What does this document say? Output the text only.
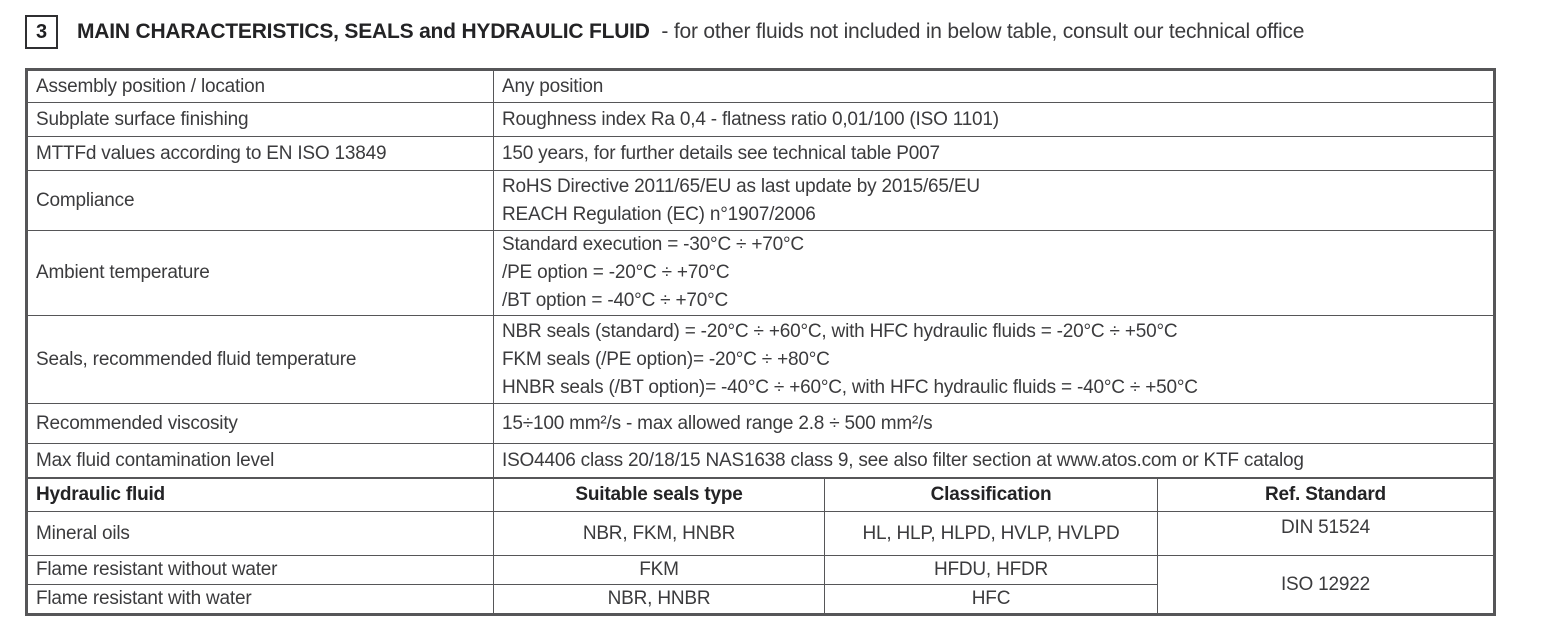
3 MAIN CHARACTERISTICS, SEALS and HYDRAULIC FLUID - for other fluids not included in below table, consult our technical office
Assembly position / location	Any position

Subplate surface finishing	Roughness index Ra 0,4 - flatness ratio 0,01/100 (ISO 1101)

MTTFd values according to EN ISO 13849	150 years, for further details see technical table P007

Compliance	RoHS Directive 2011/65/EU as last update by 2015/65/EU
REACH Regulation (EC) n°1907/2006

Ambient temperature	Standard execution = -30°C ÷ +70°C
/PE option = -20°C ÷ +70°C
/BT option = -40°C ÷ +70°C

Seals, recommended fluid temperature	NBR seals (standard) = -20°C ÷ +60°C, with HFC hydraulic fluids = -20°C ÷ +50°C
FKM seals (/PE option)= -20°C ÷ +80°C
HNBR seals (/BT option)= -40°C ÷ +60°C, with HFC hydraulic fluids = -40°C ÷ +50°C

Recommended viscosity	15÷100 mm²/s - max allowed range 2.8 ÷ 500 mm²/s

Max fluid contamination level	ISO4406 class 20/18/15 NAS1638 class 9, see also filter section at www.atos.com or KTF catalog
Hydraulic fluid	Suitable seals type	Classification	Ref. Standard
Mineral oils	NBR, FKM, HNBR	HL, HLP, HLPD, HVLP, HVLPD	DIN 51524
Flame resistant without water	FKM	HFDU, HFDR	ISO 12922
Flame resistant with water	NBR, HNBR	HFC	
